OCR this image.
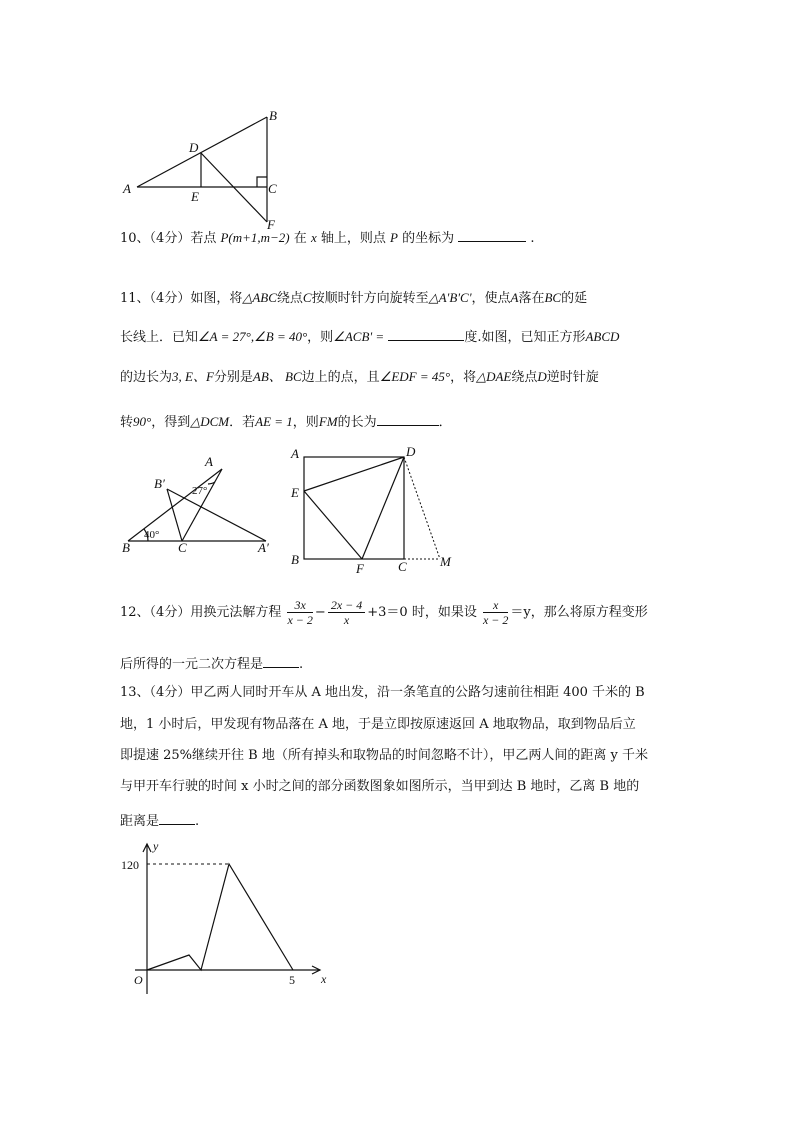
A
B
D
E
C
F
10、（4分）若点 P(m+1,m−2) 在 x 轴上，则点 P 的坐标为	.
11、（4分）如图，将△ABC绕点C按顺时针方向旋转至△A'B'C'，使点A落在BC的延
长线上．已知∠A = 27°,∠B = 40°，则∠ACB' =	度.如图，已知正方形ABCD
的边长为3, E、F分别是AB、 BC边上的点，且∠EDF = 45°，将△DAE绕点D逆时针旋
转90°，得到△DCM．若AE = 1，则FM的长为	．
A
B′
B	C	A′
40°
27°
A	D
E
B
F	C	M
12、（4分）用换元法解方程 $\frac{3x}{x - 2} - \frac{2x - 4}{x} +3=0$ 时，如果设 $\frac{x}{x - 2} =y$，那么将原方程变形
后所得的一元二次方程是	.
13、（4分）甲乙两人同时开车从 A 地出发，沿一条笔直的公路匀速前往相距 400 千米的 B
地，1 小时后，甲发现有物品落在 A 地，于是立即按原速返回 A 地取物品，取到物品后立
即提速 25%继续开往 B 地（所有掉头和取物品的时间忽略不计），甲乙两人间的距离 y 千米
与甲开车行驶的时间 x 小时之间的部分函数图象如图所示，当甲到达 B 地时，乙离 B 地的
距离是	.
y
x
O
120
5
